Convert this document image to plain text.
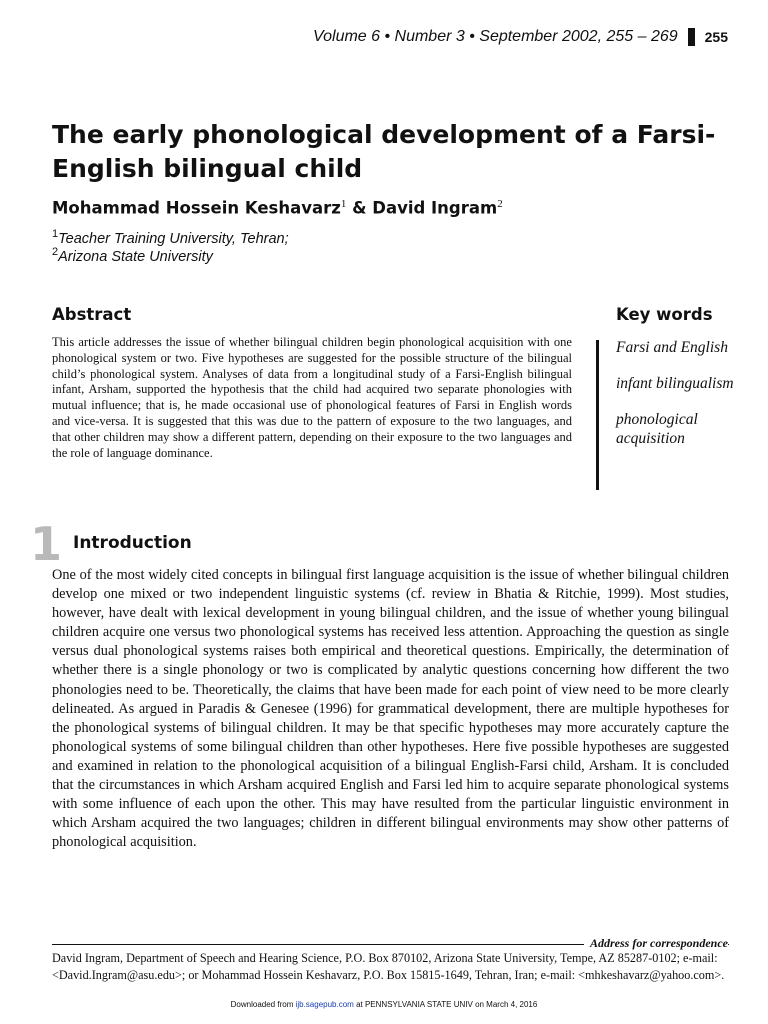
Volume 6 • Number 3 • September 2002, 255 – 269 255
The early phonological development of a Farsi-English bilingual child

Mohammad Hossein Keshavarz$^1$ & David Ingram$^2$

$^1$Teacher Training University, Tehran;

$^2$Arizona State University

Abstract

This article addresses the issue of whether bilingual children begin phonological acquisition with one phonological system or two. Five hypotheses are suggested for the possible structure of the bilingual child’s phonological system. Analyses of data from a longitudinal study of a Farsi-English bilingual infant, Arsham, supported the hypothesis that the child had acquired two separate phonologies with mutual influence; that is, he made occasional use of phonological features of Farsi in English words and vice-versa. It is suggested that this was due to the pattern of exposure to the two languages, and that other children may show a different pattern, depending on their exposure to the two languages and the role of language dominance.

Key words

Farsi and English

infant bilingualism

phonological acquisition

1 Introduction

One of the most widely cited concepts in bilingual first language acquisition is the issue of whether bilingual children develop one mixed or two independent linguistic systems (cf. review in Bhatia & Ritchie, 1999). Most studies, however, have dealt with lexical development in young bilingual children, and the issue of whether young bilingual children acquire one versus two phonological systems has received less attention. Approaching the question as single versus dual phonological systems raises both empirical and theoretical questions. Empirically, the determination of whether there is a single phonology or two is complicated by analytic questions concerning how different the two phonologies need to be. Theoretically, the claims that have been made for each point of view need to be more clearly delineated. As argued in Paradis & Genesee (1996) for grammatical development, there are multiple hypotheses for the phonological systems of bilingual children. It may be that specific hypotheses may more accurately capture the phonological systems of some bilingual children than other hypotheses. Here five possible hypotheses are suggested and examined in relation to the phonological acquisition of a bilingual English-Farsi child, Arsham. It is concluded that the circumstances in which Arsham acquired English and Farsi led him to acquire separate phonological systems with some influence of each upon the other. This may have resulted from the particular linguistic environment in which Arsham acquired the two languages; children in different bilingual environments may show other patterns of phonological acquisition.

Address for correspondence

David Ingram, Department of Speech and Hearing Science, P.O. Box 870102, Arizona State University, Tempe, AZ 85287-0102; e-mail: <David.Ingram@asu.edu>; or Mohammad Hossein Keshavarz, P.O. Box 15815-1649, Tehran, Iran; e-mail: <mhkeshavarz@yahoo.com>.

Downloaded from ijb.sagepub.com at PENNSYLVANIA STATE UNIV on March 4, 2016
